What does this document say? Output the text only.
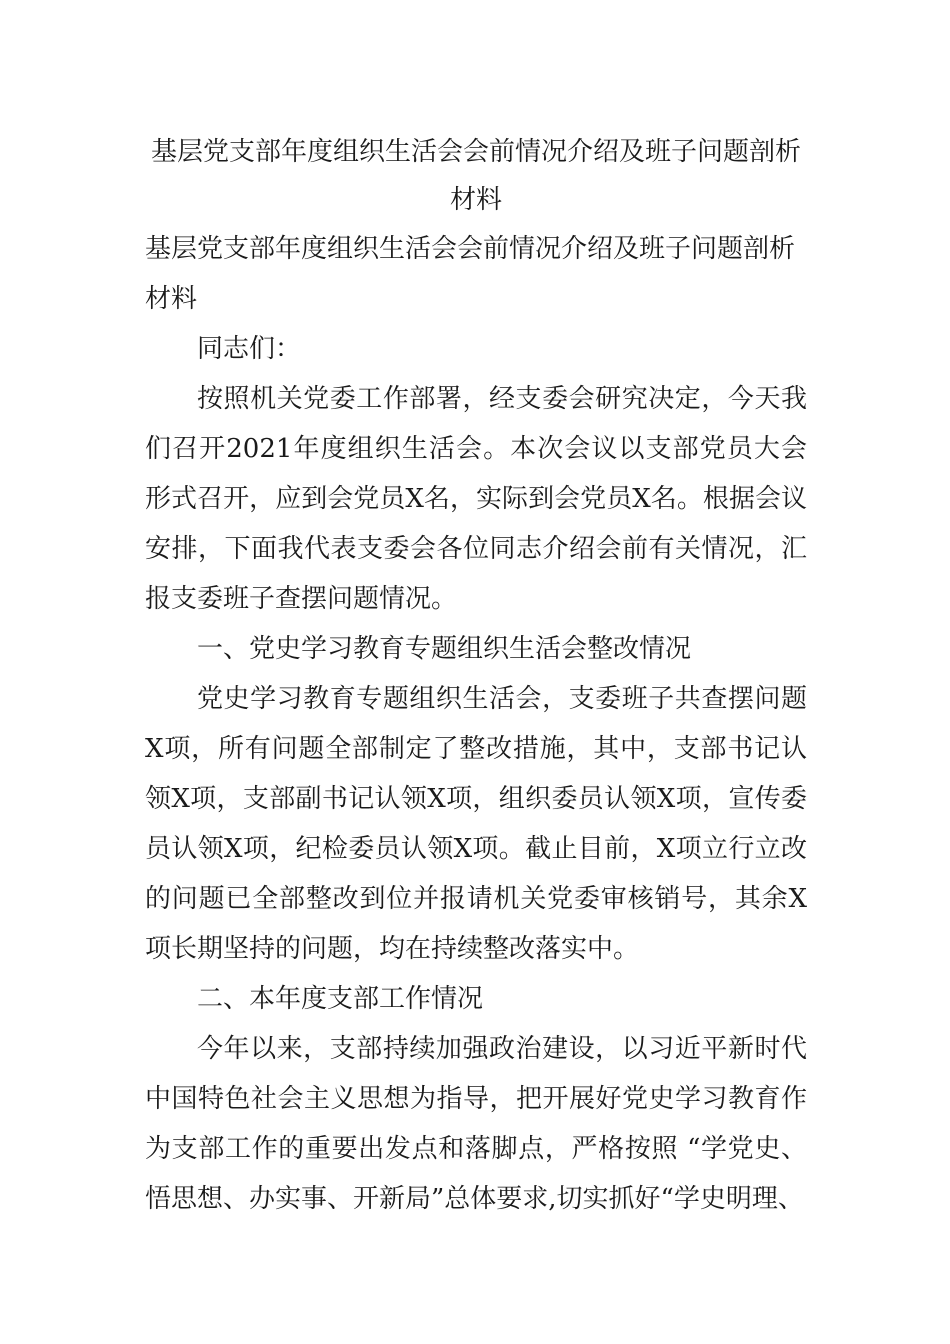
基层党支部年度组织生活会会前情况介绍及班子问题剖析
材料

基层党支部年度组织生活会会前情况介绍及班子问题剖析材料

同志们：

按照机关党委工作部署，经支委会研究决定，今天我们召开2021年度组织生活会。本次会议以支部党员大会形式召开，应到会党员X名，实际到会党员X名。根据会议安排，下面我代表支委会各位同志介绍会前有关情况，汇报支委班子查摆问题情况。

一、党史学习教育专题组织生活会整改情况

党史学习教育专题组织生活会，支委班子共查摆问题X项，所有问题全部制定了整改措施，其中，支部书记认领X项，支部副书记认领X项，组织委员认领X项，宣传委员认领X项，纪检委员认领X项。截止目前，X项立行立改的问题已全部整改到位并报请机关党委审核销号，其余X项长期坚持的问题，均在持续整改落实中。

二、本年度支部工作情况

今年以来，支部持续加强政治建设，以习近平新时代中国特色社会主义思想为指导，把开展好党史学习教育作为支部工作的重要出发点和落脚点，严格按照 “学党史、悟思想、办实事、开新局”总体要求,切实抓好“学史明理、
